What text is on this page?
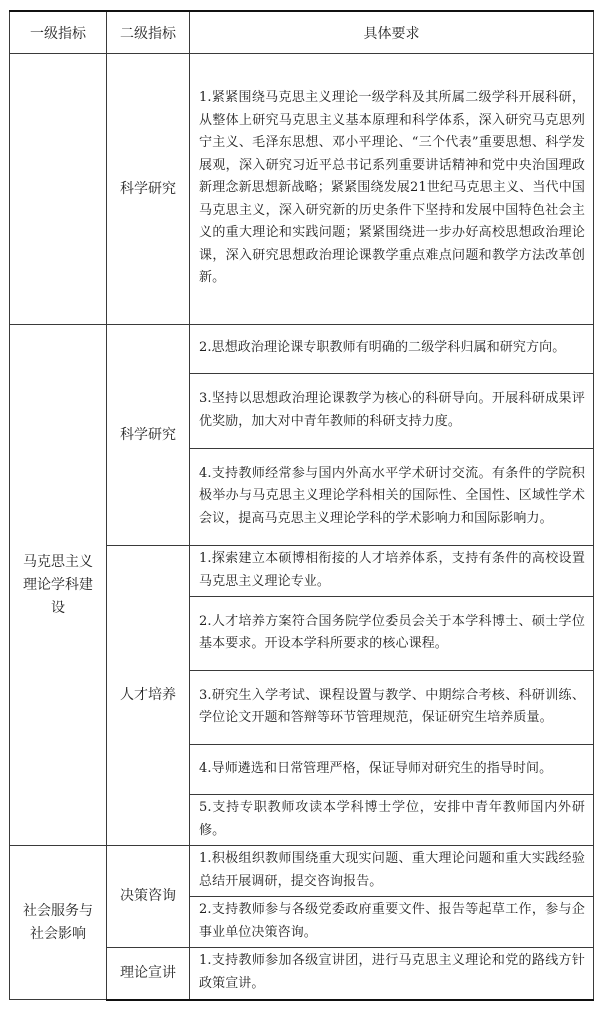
一级指标	二级指标	具体要求
	科学研究	1.紧紧围绕马克思主义理论一级学科及其所属二级学科开展科研，从整体上研究马克思主义基本原理和科学体系，深入研究马克思列宁主义、毛泽东思想、邓小平理论、“三个代表”重要思想、科学发展观，深入研究习近平总书记系列重要讲话精神和党中央治国理政新理念新思想新战略；紧紧围绕发展21世纪马克思主义、当代中国马克思主义，深入研究新的历史条件下坚持和发展中国特色社会主义的重大理论和实践问题；紧紧围绕进一步办好高校思想政治理论课，深入研究思想政治理论课教学重点难点问题和教学方法改革创新。
马克思主义理论学科建设	科学研究	2.思想政治理论课专职教师有明确的二级学科归属和研究方向。
		3.坚持以思想政治理论课教学为核心的科研导向。开展科研成果评优奖励，加大对中青年教师的科研支持力度。
		4.支持教师经常参与国内外高水平学术研讨交流。有条件的学院积极举办与马克思主义理论学科相关的国际性、全国性、区域性学术会议，提高马克思主义理论学科的学术影响力和国际影响力。
	人才培养	1.探索建立本硕博相衔接的人才培养体系，支持有条件的高校设置马克思主义理论专业。
		2.人才培养方案符合国务院学位委员会关于本学科博士、硕士学位基本要求。开设本学科所要求的核心课程。
		3.研究生入学考试、课程设置与教学、中期综合考核、科研训练、学位论文开题和答辩等环节管理规范，保证研究生培养质量。
		4.导师遴选和日常管理严格，保证导师对研究生的指导时间。
		5.支持专职教师攻读本学科博士学位，安排中青年教师国内外研修。
社会服务与社会影响	决策咨询	1.积极组织教师围绕重大现实问题、重大理论问题和重大实践经验总结开展调研，提交咨询报告。
		2.支持教师参与各级党委政府重要文件、报告等起草工作，参与企事业单位决策咨询。
	理论宣讲	1.支持教师参加各级宣讲团，进行马克思主义理论和党的路线方针政策宣讲。
